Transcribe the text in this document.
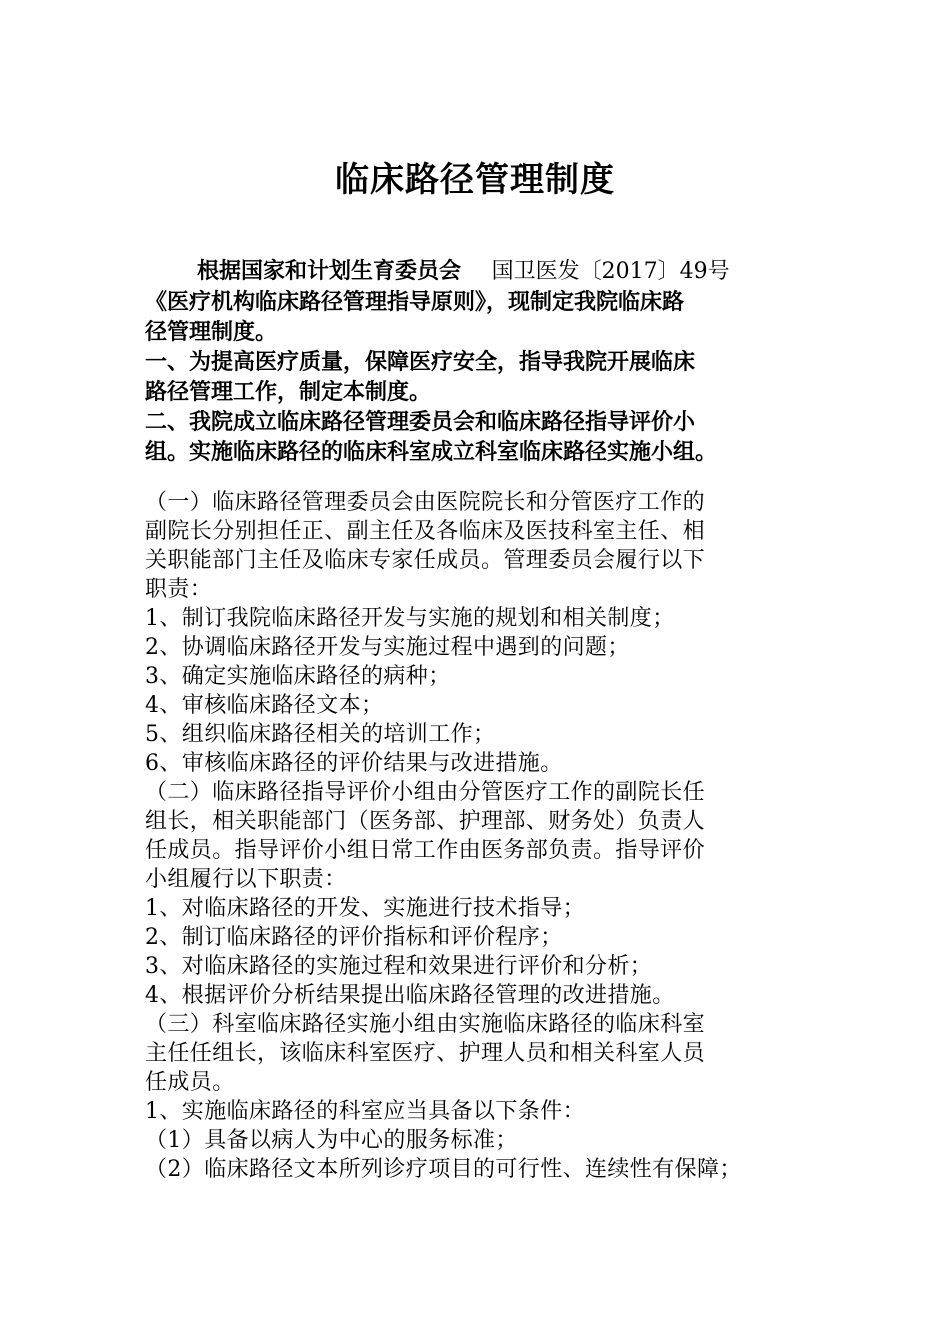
临床路径管理制度

根据国家和计划生育委员会 国卫医发〔2017〕49号

《医疗机构临床路径管理指导原则》，现制定我院临床路

径管理制度。

一、为提高医疗质量，保障医疗安全，指导我院开展临床

路径管理工作，制定本制度。

二、我院成立临床路径管理委员会和临床路径指导评价小

组。实施临床路径的临床科室成立科室临床路径实施小组。

（一）临床路径管理委员会由医院院长和分管医疗工作的

副院长分别担任正、副主任及各临床及医技科室主任、相

关职能部门主任及临床专家任成员。管理委员会履行以下

职责：

1、制订我院临床路径开发与实施的规划和相关制度；

2、协调临床路径开发与实施过程中遇到的问题；

3、确定实施临床路径的病种；

4、审核临床路径文本；

5、组织临床路径相关的培训工作；

6、审核临床路径的评价结果与改进措施。

（二）临床路径指导评价小组由分管医疗工作的副院长任

组长，相关职能部门（医务部、护理部、财务处）负责人

任成员。指导评价小组日常工作由医务部负责。指导评价

小组履行以下职责：

1、对临床路径的开发、实施进行技术指导；

2、制订临床路径的评价指标和评价程序；

3、对临床路径的实施过程和效果进行评价和分析；

4、根据评价分析结果提出临床路径管理的改进措施。

（三）科室临床路径实施小组由实施临床路径的临床科室

主任任组长，该临床科室医疗、护理人员和相关科室人员

任成员。

1、实施临床路径的科室应当具备以下条件：

（1）具备以病人为中心的服务标准；

（2）临床路径文本所列诊疗项目的可行性、连续性有保障；
